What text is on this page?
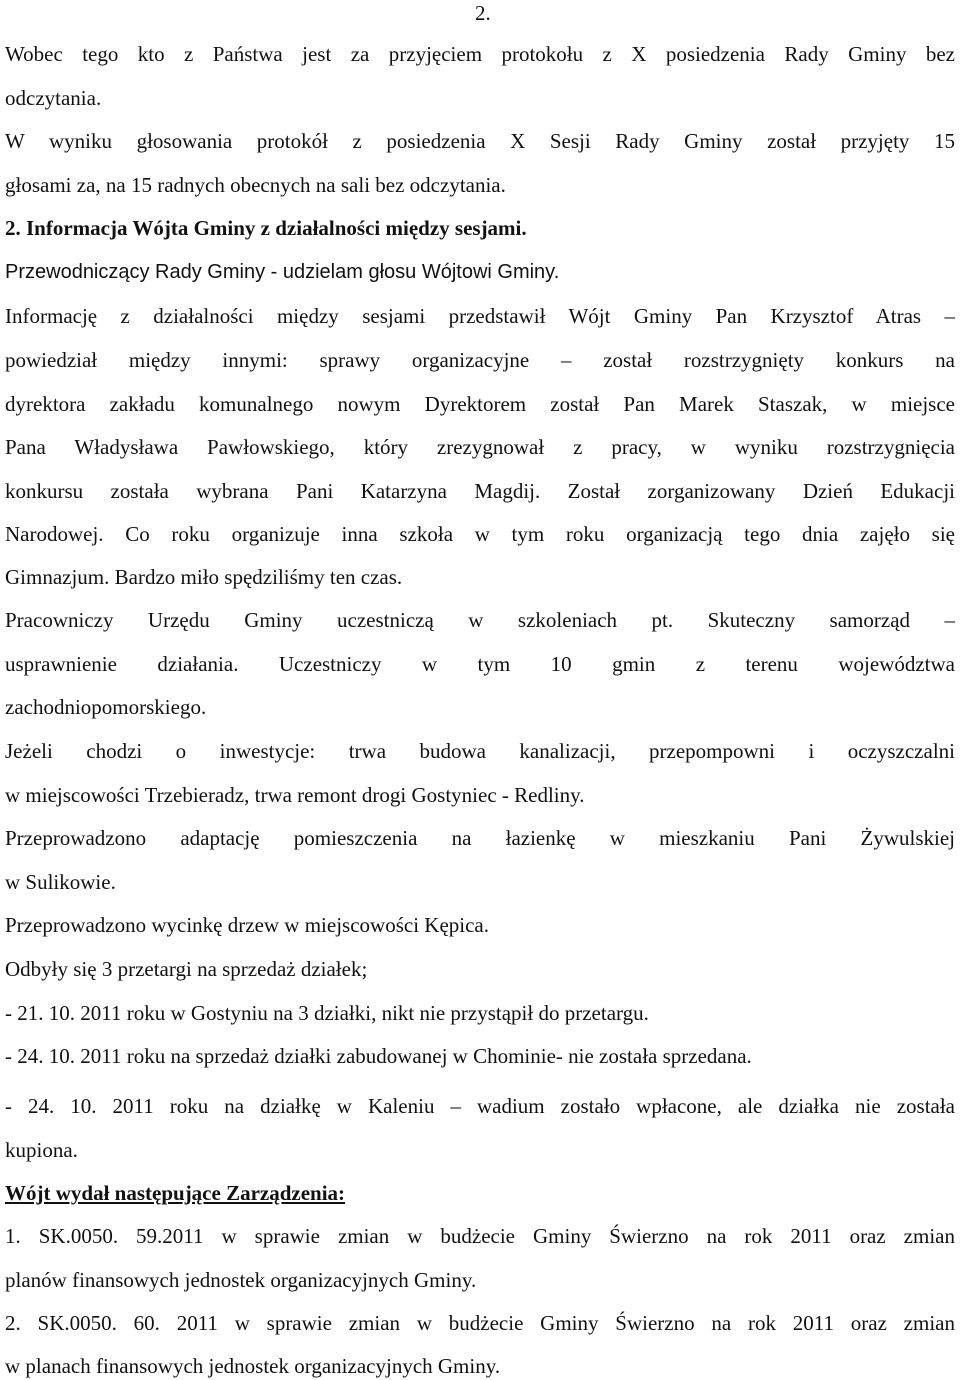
2.
Wobec tego kto z Państwa jest za przyjęciem protokołu z X posiedzenia Rady Gminy bez
odczytania.
W wyniku głosowania protokół z posiedzenia X Sesji Rady Gminy został przyjęty 15
głosami za, na 15 radnych obecnych na sali bez odczytania.
2. Informacja Wójta Gminy z działalności między sesjami.
Przewodniczący Rady Gminy - udzielam głosu Wójtowi Gminy.
Informację z działalności między sesjami przedstawił Wójt Gminy Pan Krzysztof Atras –
powiedział między innymi: sprawy organizacyjne – został rozstrzygnięty konkurs na
dyrektora zakładu komunalnego nowym Dyrektorem został Pan Marek Staszak, w miejsce
Pana Władysława Pawłowskiego, który zrezygnował z pracy, w wyniku rozstrzygnięcia
konkursu została wybrana Pani Katarzyna Magdij. Został zorganizowany Dzień Edukacji
Narodowej. Co roku organizuje inna szkoła w tym roku organizacją tego dnia zajęło się
Gimnazjum. Bardzo miło spędziliśmy ten czas.
Pracowniczy Urzędu Gminy uczestniczą w szkoleniach pt. Skuteczny samorząd –
usprawnienie działania. Uczestniczy w tym 10 gmin z terenu województwa
zachodniopomorskiego.
Jeżeli chodzi o inwestycje: trwa budowa kanalizacji, przepompowni i oczyszczalni
w miejscowości Trzebieradz, trwa remont drogi Gostyniec - Redliny.
Przeprowadzono adaptację pomieszczenia na łazienkę w mieszkaniu Pani Żywulskiej
w Sulikowie.
Przeprowadzono wycinkę drzew w miejscowości Kępica.
Odbyły się 3 przetargi na sprzedaż działek;
- 21. 10. 2011 roku w Gostyniu na 3 działki, nikt nie przystąpił do przetargu.
- 24. 10. 2011 roku na sprzedaż działki zabudowanej w Chominie- nie została sprzedana.
- 24. 10. 2011 roku na działkę w Kaleniu – wadium zostało wpłacone, ale działka nie została
kupiona.
Wójt wydał następujące Zarządzenia:
1. SK.0050. 59.2011 w sprawie zmian w budżecie Gminy Świerzno na rok 2011 oraz zmian
planów finansowych jednostek organizacyjnych Gminy.
2. SK.0050. 60. 2011 w sprawie zmian w budżecie Gminy Świerzno na rok 2011 oraz zmian
w planach finansowych jednostek organizacyjnych Gminy.
